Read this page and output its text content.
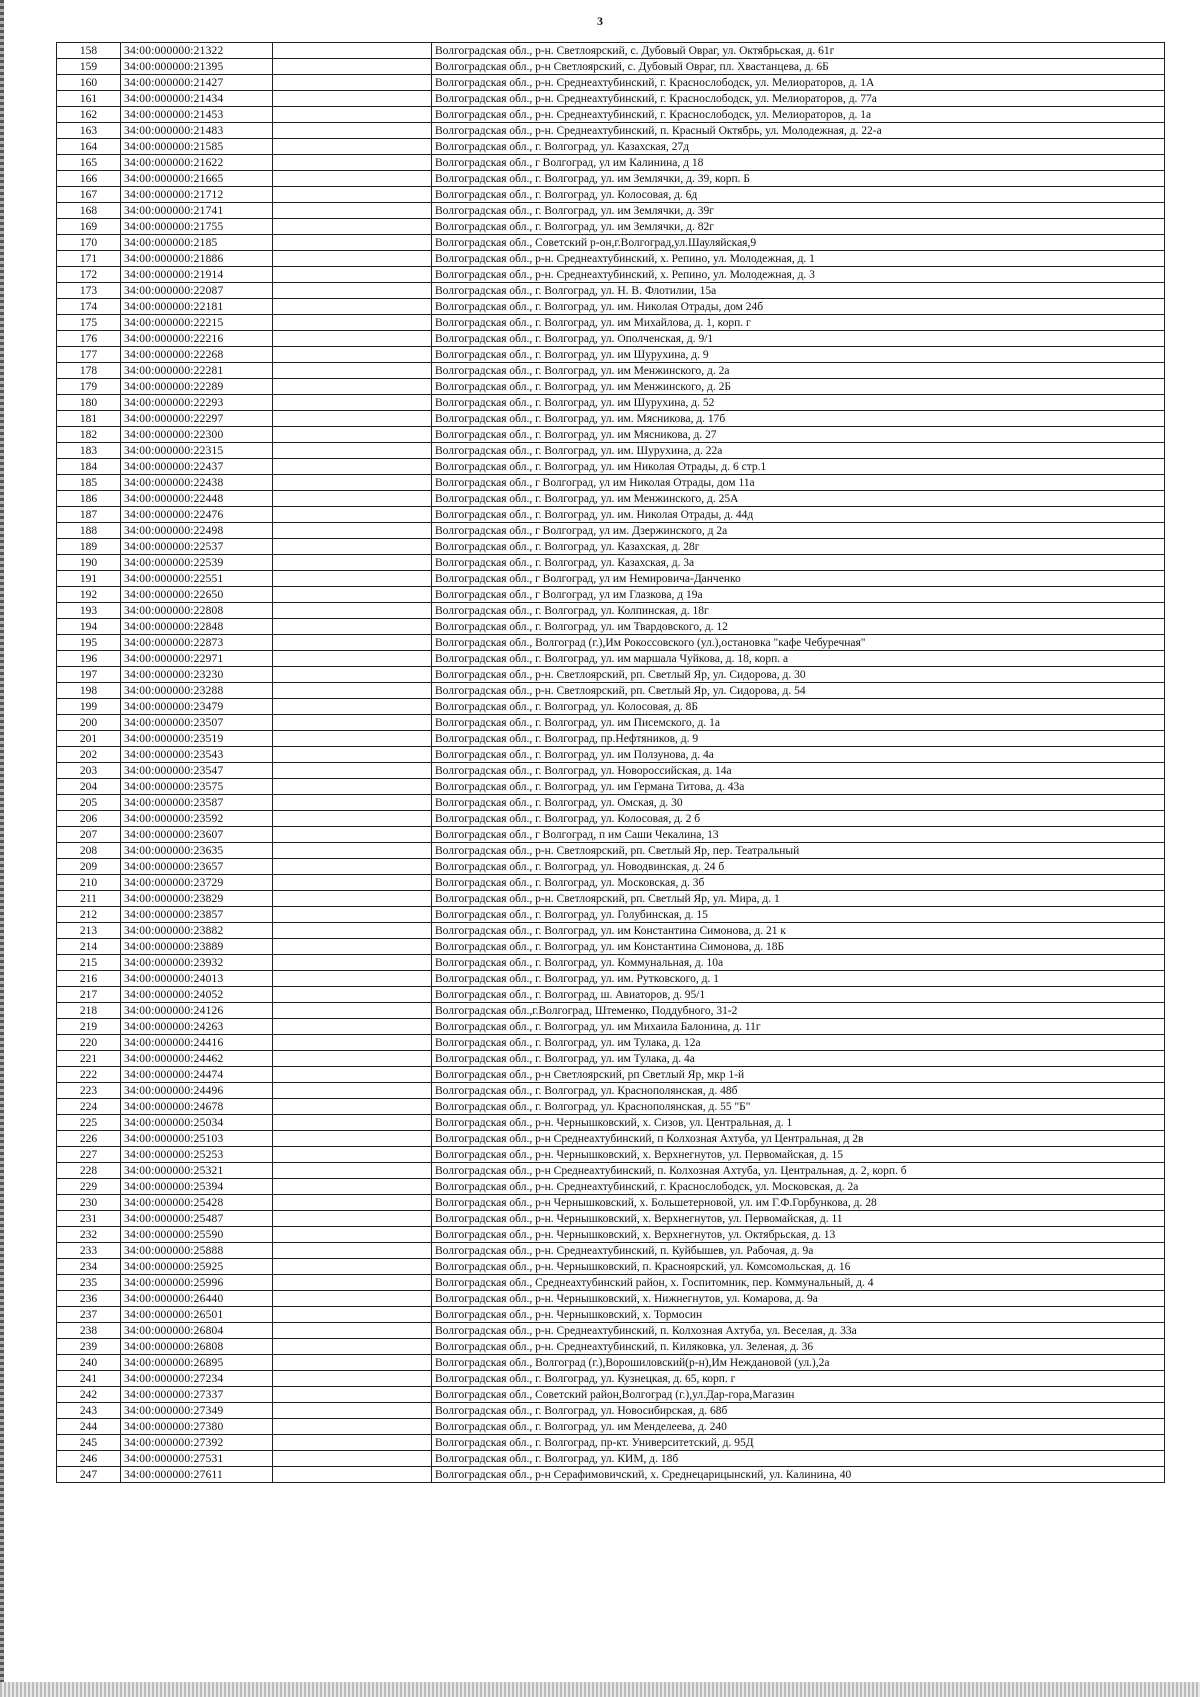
3
158	34:00:000000:21322		Волгоградская обл., р-н. Светлоярский, с. Дубовый Овраг, ул. Октябрьская, д. 61г
159	34:00:000000:21395		Волгоградская обл., р-н Светлоярский, с. Дубовый Овраг, пл. Хвастанцева, д. 6Б
160	34:00:000000:21427		Волгоградская обл., р-н. Среднеахтубинский, г. Краснослободск, ул. Мелиораторов, д. 1А
161	34:00:000000:21434		Волгоградская обл., р-н. Среднеахтубинский, г. Краснослободск, ул. Мелиораторов, д. 77а
162	34:00:000000:21453		Волгоградская обл., р-н. Среднеахтубинский, г. Краснослободск, ул. Мелиораторов, д. 1а
163	34:00:000000:21483		Волгоградская обл., р-н. Среднеахтубинский, п. Красный Октябрь, ул. Молодежная, д. 22-а
164	34:00:000000:21585		Волгоградская обл., г. Волгоград, ул. Казахская, 27д
165	34:00:000000:21622		Волгоградская обл., г Волгоград, ул им Калинина, д 18
166	34:00:000000:21665		Волгоградская обл., г. Волгоград, ул. им Землячки, д. 39, корп. Б
167	34:00:000000:21712		Волгоградская обл., г. Волгоград, ул. Колосовая, д. 6д
168	34:00:000000:21741		Волгоградская обл., г. Волгоград, ул. им Землячки, д. 39г
169	34:00:000000:21755		Волгоградская обл., г. Волгоград, ул. им Землячки, д. 82г
170	34:00:000000:2185		Волгоградская обл., Советский р-он,г.Волгоград,ул.Шауляйская,9
171	34:00:000000:21886		Волгоградская обл., р-н. Среднеахтубинский, х. Репино, ул. Молодежная, д. 1
172	34:00:000000:21914		Волгоградская обл., р-н. Среднеахтубинский, х. Репино, ул. Молодежная, д. 3
173	34:00:000000:22087		Волгоградская обл., г. Волгоград, ул. Н. В. Флотилии, 15а
174	34:00:000000:22181		Волгоградская обл., г. Волгоград, ул. им. Николая Отрады, дом 24б
175	34:00:000000:22215		Волгоградская обл., г. Волгоград, ул. им Михайлова, д. 1, корп. г
176	34:00:000000:22216		Волгоградская обл., г. Волгоград, ул. Ополченская, д. 9/1
177	34:00:000000:22268		Волгоградская обл., г. Волгоград, ул. им Шурухина, д. 9
178	34:00:000000:22281		Волгоградская обл., г. Волгоград, ул. им Менжинского, д. 2а
179	34:00:000000:22289		Волгоградская обл., г. Волгоград, ул. им Менжинского, д. 2Б
180	34:00:000000:22293		Волгоградская обл., г. Волгоград, ул. им Шурухина, д. 52
181	34:00:000000:22297		Волгоградская обл., г. Волгоград, ул. им. Мясникова, д. 17б
182	34:00:000000:22300		Волгоградская обл., г. Волгоград, ул. им Мясникова, д. 27
183	34:00:000000:22315		Волгоградская обл., г. Волгоград, ул. им. Шурухина, д. 22а
184	34:00:000000:22437		Волгоградская обл., г. Волгоград, ул. им Николая Отрады, д. 6 стр.1
185	34:00:000000:22438		Волгоградская обл., г Волгоград, ул им Николая Отрады, дом 11а
186	34:00:000000:22448		Волгоградская обл., г. Волгоград, ул. им Менжинского, д. 25А
187	34:00:000000:22476		Волгоградская обл., г. Волгоград, ул. им. Николая Отрады, д. 44д
188	34:00:000000:22498		Волгоградская обл., г Волгоград, ул им. Дзержинского, д 2а
189	34:00:000000:22537		Волгоградская обл., г. Волгоград, ул. Казахская, д. 28г
190	34:00:000000:22539		Волгоградская обл., г. Волгоград, ул. Казахская, д. 3а
191	34:00:000000:22551		Волгоградская обл., г Волгоград, ул им Немировича-Данченко
192	34:00:000000:22650		Волгоградская обл., г Волгоград, ул им Глазкова, д 19а
193	34:00:000000:22808		Волгоградская обл., г. Волгоград, ул. Колпинская, д. 18г
194	34:00:000000:22848		Волгоградская обл., г. Волгоград, ул. им Твардовского, д. 12
195	34:00:000000:22873		Волгоградская обл., Волгоград (г.),Им Рокоссовского (ул.),остановка "кафе Чебуречная"
196	34:00:000000:22971		Волгоградская обл., г. Волгоград, ул. им маршала Чуйкова, д. 18, корп. а
197	34:00:000000:23230		Волгоградская обл., р-н. Светлоярский, рп. Светлый Яр, ул. Сидорова, д. 30
198	34:00:000000:23288		Волгоградская обл., р-н. Светлоярский, рп. Светлый Яр, ул. Сидорова, д. 54
199	34:00:000000:23479		Волгоградская обл., г. Волгоград, ул. Колосовая, д. 8Б
200	34:00:000000:23507		Волгоградская обл., г. Волгоград, ул. им Писемского, д. 1а
201	34:00:000000:23519		Волгоградская обл., г. Волгоград, пр.Нефтяников, д. 9
202	34:00:000000:23543		Волгоградская обл., г. Волгоград, ул. им Ползунова, д. 4а
203	34:00:000000:23547		Волгоградская обл., г. Волгоград, ул. Новороссийская, д. 14а
204	34:00:000000:23575		Волгоградская обл., г. Волгоград, ул. им Германа Титова, д. 43а
205	34:00:000000:23587		Волгоградская обл., г. Волгоград, ул. Омская, д. 30
206	34:00:000000:23592		Волгоградская обл., г. Волгоград, ул. Колосовая, д. 2 б
207	34:00:000000:23607		Волгоградская обл., г Волгоград, п им Саши Чекалина, 13
208	34:00:000000:23635		Волгоградская обл., р-н. Светлоярский, рп. Светлый Яр, пер. Театральный
209	34:00:000000:23657		Волгоградская обл., г. Волгоград, ул. Новодвинская, д. 24 б
210	34:00:000000:23729		Волгоградская обл., г. Волгоград, ул. Московская, д. 3б
211	34:00:000000:23829		Волгоградская обл., р-н. Светлоярский, рп. Светлый Яр, ул. Мира, д. 1
212	34:00:000000:23857		Волгоградская обл., г. Волгоград, ул. Голубинская, д. 15
213	34:00:000000:23882		Волгоградская обл., г. Волгоград, ул. им Константина Симонова, д. 21 к
214	34:00:000000:23889		Волгоградская обл., г. Волгоград, ул. им Константина Симонова, д. 18Б
215	34:00:000000:23932		Волгоградская обл., г. Волгоград, ул. Коммунальная, д. 10а
216	34:00:000000:24013		Волгоградская обл., г. Волгоград, ул. им. Рутковского, д. 1
217	34:00:000000:24052		Волгоградская обл., г. Волгоград, ш. Авиаторов, д. 95/1
218	34:00:000000:24126		Волгоградская обл.,г.Волгоград, Штеменко, Поддубного, 31-2
219	34:00:000000:24263		Волгоградская обл., г. Волгоград, ул. им Михаила Балонина, д. 11г
220	34:00:000000:24416		Волгоградская обл., г. Волгоград, ул. им Тулака, д. 12а
221	34:00:000000:24462		Волгоградская обл., г. Волгоград, ул. им Тулака, д. 4а
222	34:00:000000:24474		Волгоградская обл., р-н Светлоярский, рп Светлый Яр, мкр 1-й
223	34:00:000000:24496		Волгоградская обл., г. Волгоград, ул. Краснополянская, д. 48б
224	34:00:000000:24678		Волгоградская обл., г. Волгоград, ул. Краснополянская, д. 55 "Б"
225	34:00:000000:25034		Волгоградская обл., р-н. Чернышковский, х. Сизов, ул. Центральная, д. 1
226	34:00:000000:25103		Волгоградская обл., р-н Среднеахтубинский, п Колхозная Ахтуба, ул Центральная, д 2в
227	34:00:000000:25253		Волгоградская обл., р-н. Чернышковский, х. Верхнегнутов, ул. Первомайская, д. 15
228	34:00:000000:25321		Волгоградская обл., р-н Среднеахтубинский, п. Колхозная Ахтуба, ул. Центральная, д. 2, корп. б
229	34:00:000000:25394		Волгоградская обл., р-н. Среднеахтубинский, г. Краснослободск, ул. Московская, д. 2а
230	34:00:000000:25428		Волгоградская обл., р-н Чернышковский, х. Большетерновой, ул. им Г.Ф.Горбункова, д. 28
231	34:00:000000:25487		Волгоградская обл., р-н. Чернышковский, х. Верхнегнутов, ул. Первомайская, д. 11
232	34:00:000000:25590		Волгоградская обл., р-н. Чернышковский, х. Верхнегнутов, ул. Октябрьская, д. 13
233	34:00:000000:25888		Волгоградская обл., р-н. Среднеахтубинский, п. Куйбышев, ул. Рабочая, д. 9а
234	34:00:000000:25925		Волгоградская обл., р-н. Чернышковский, п. Красноярский, ул. Комсомольская, д. 16
235	34:00:000000:25996		Волгоградская обл., Среднеахтубинский район, х. Госпитомник, пер. Коммунальный, д. 4
236	34:00:000000:26440		Волгоградская обл., р-н. Чернышковский, х. Нижнегнутов, ул. Комарова, д. 9а
237	34:00:000000:26501		Волгоградская обл., р-н. Чернышковский, х. Тормосин
238	34:00:000000:26804		Волгоградская обл., р-н. Среднеахтубинский, п. Колхозная Ахтуба, ул. Веселая, д. 33а
239	34:00:000000:26808		Волгоградская обл., р-н. Среднеахтубинский, п. Киляковка, ул. Зеленая, д. 36
240	34:00:000000:26895		Волгоградская обл., Волгоград (г.),Ворошиловский(р-н),Им Неждановой (ул.),2а
241	34:00:000000:27234		Волгоградская обл., г. Волгоград, ул. Кузнецкая, д. 65, корп. г
242	34:00:000000:27337		Волгоградская обл., Советский район,Волгоград (г.),ул.Дар-гора,Магазин
243	34:00:000000:27349		Волгоградская обл., г. Волгоград, ул. Новосибирская, д. 68б
244	34:00:000000:27380		Волгоградская обл., г. Волгоград, ул. им Менделеева, д. 240
245	34:00:000000:27392		Волгоградская обл., г. Волгоград, пр-кт. Университетский, д. 95Д
246	34:00:000000:27531		Волгоградская обл., г. Волгоград, ул. КИМ, д. 18б
247	34:00:000000:27611		Волгоградская обл., р-н Серафимовичский, х. Среднецарицынский, ул. Калинина, 40
